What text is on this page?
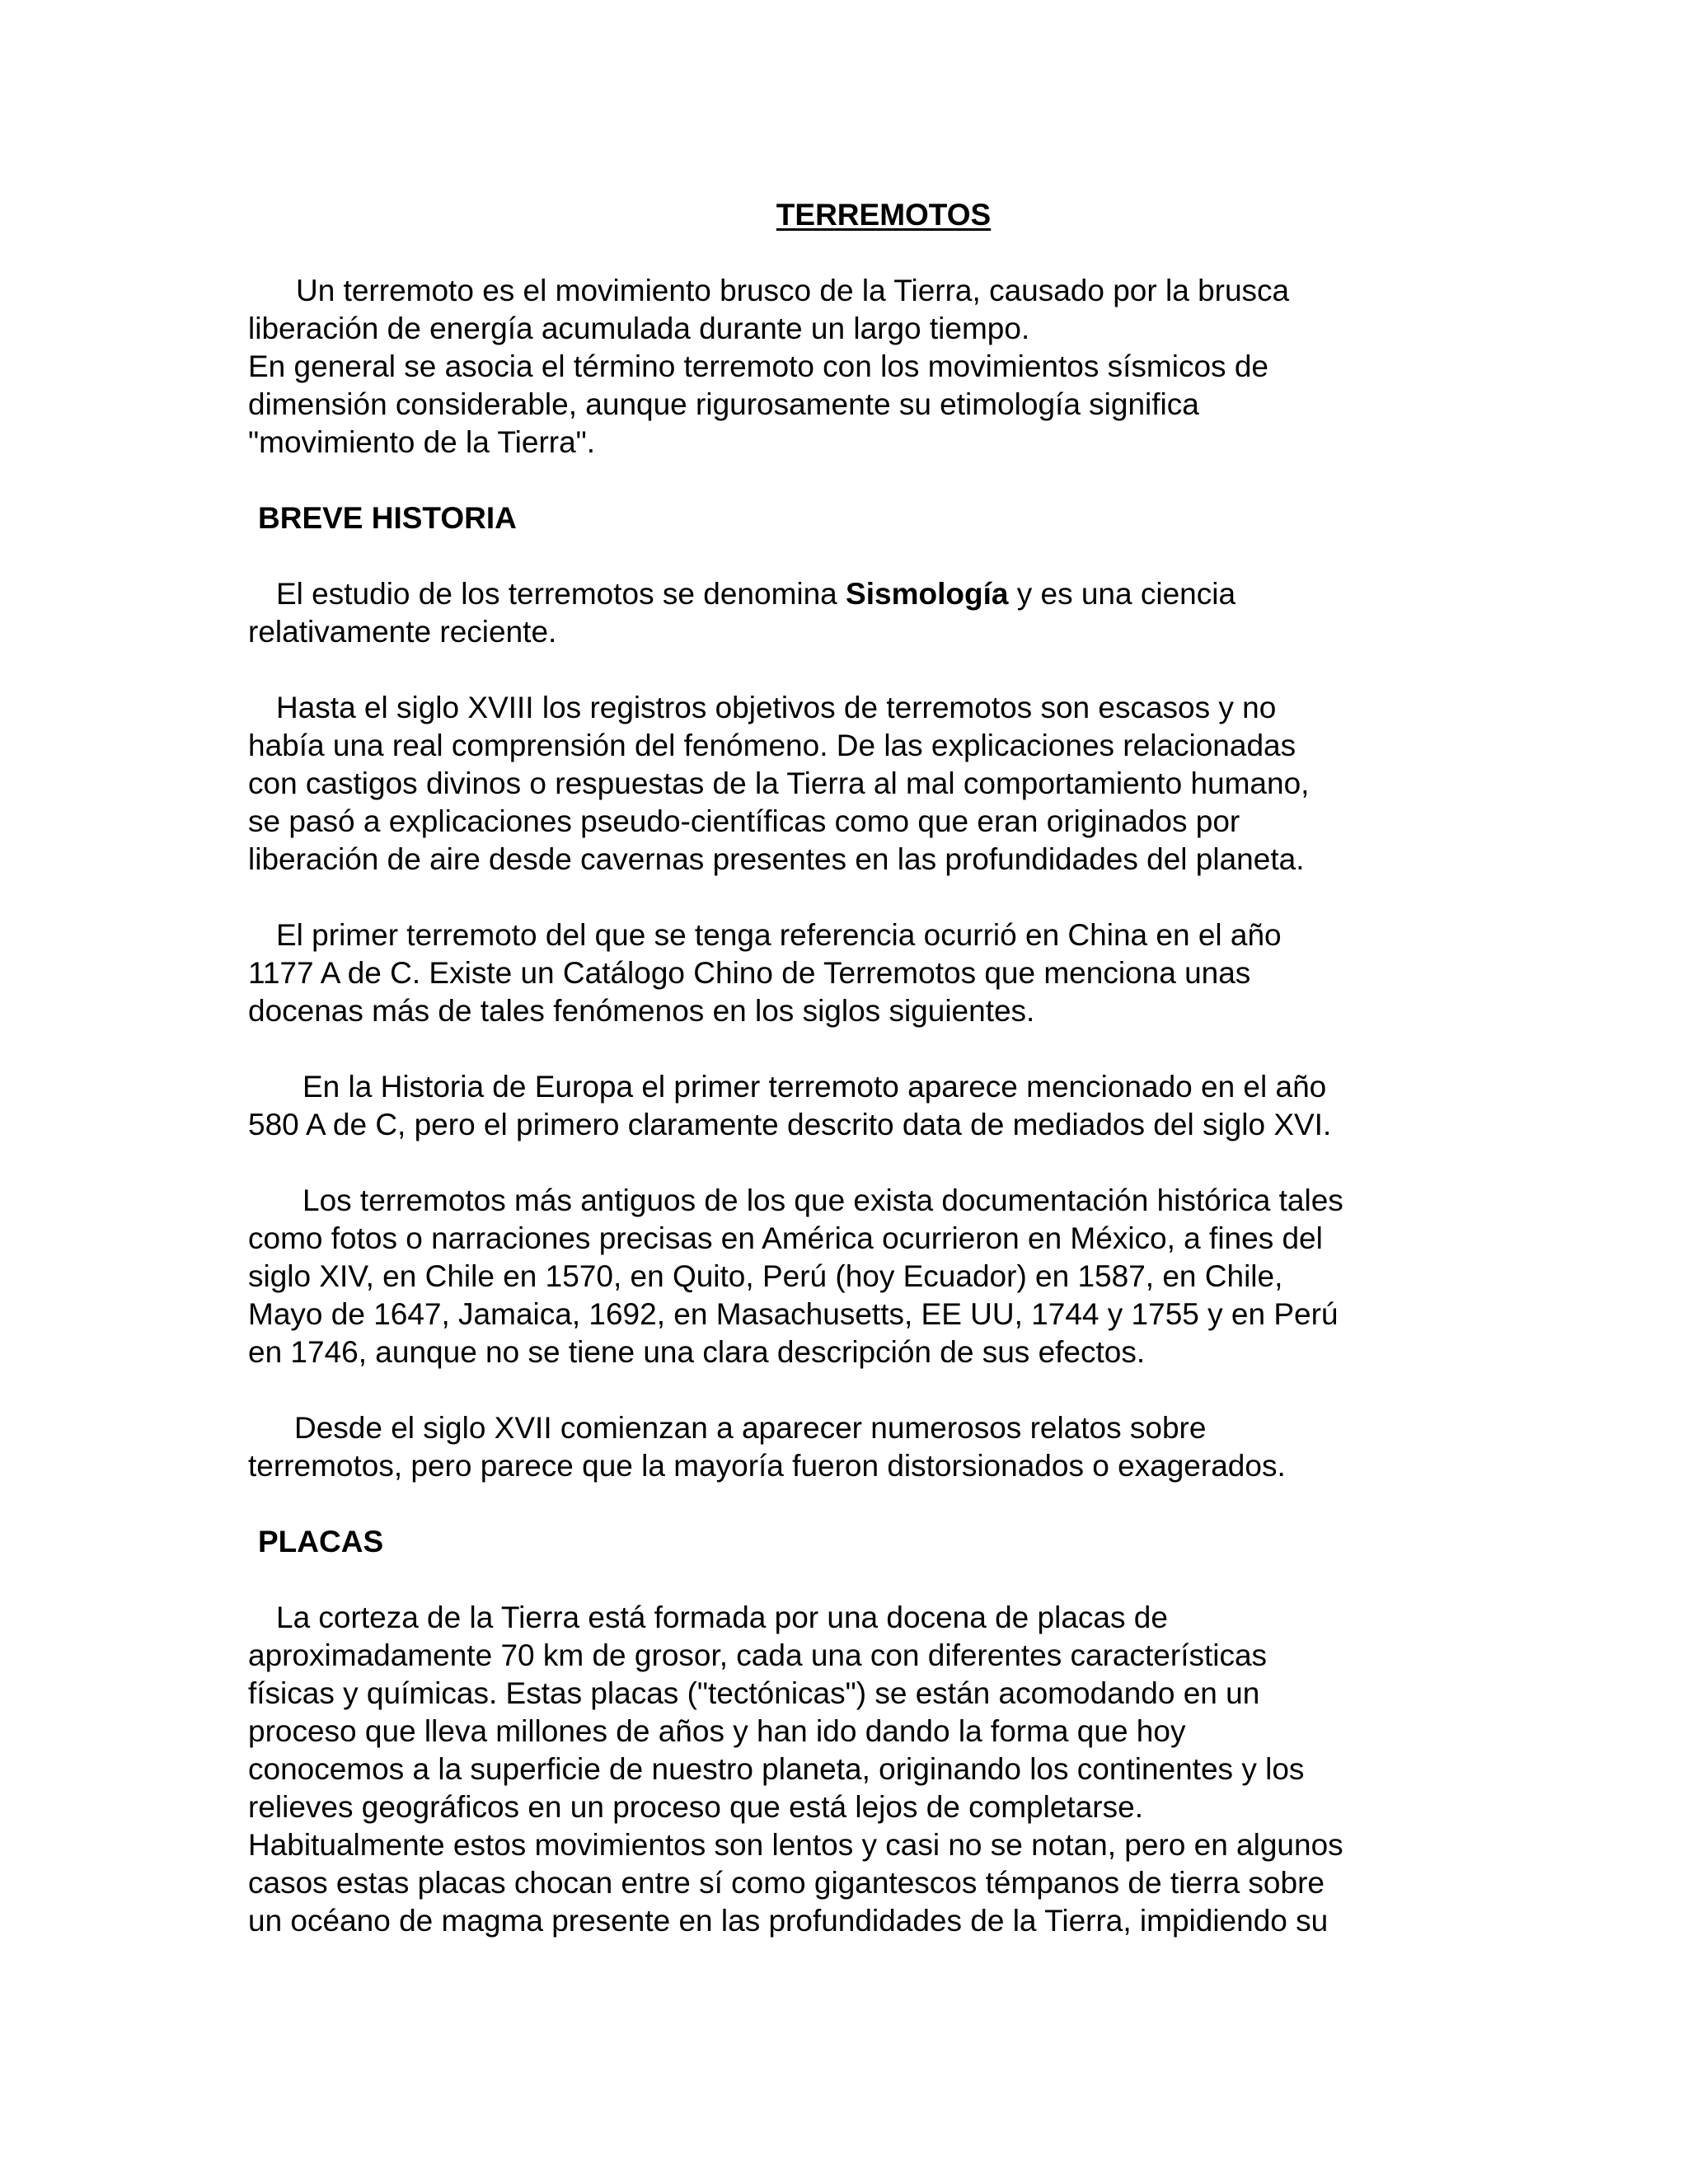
TERREMOTOS

Un terremoto es el movimiento brusco de la Tierra, causado por la brusca
liberación de energía acumulada durante un largo tiempo.
En general se asocia el término terremoto con los movimientos sísmicos de
dimensión considerable, aunque rigurosamente su etimología significa
"movimiento de la Tierra".

BREVE HISTORIA

El estudio de los terremotos se denomina Sismología y es una ciencia
relativamente reciente.

Hasta el siglo XVIII los registros objetivos de terremotos son escasos y no
había una real comprensión del fenómeno. De las explicaciones relacionadas
con castigos divinos o respuestas de la Tierra al mal comportamiento humano,
se pasó a explicaciones pseudo-científicas como que eran originados por
liberación de aire desde cavernas presentes en las profundidades del planeta.

El primer terremoto del que se tenga referencia ocurrió en China en el año
1177 A de C. Existe un Catálogo Chino de Terremotos que menciona unas
docenas más de tales fenómenos en los siglos siguientes.

En la Historia de Europa el primer terremoto aparece mencionado en el año
580 A de C, pero el primero claramente descrito data de mediados del siglo XVI.

Los terremotos más antiguos de los que exista documentación histórica tales
como fotos o narraciones precisas en América ocurrieron en México, a fines del
siglo XIV, en Chile en 1570, en Quito, Perú (hoy Ecuador) en 1587, en Chile,
Mayo de 1647, Jamaica, 1692, en Masachusetts, EE UU, 1744 y 1755 y en Perú
en 1746, aunque no se tiene una clara descripción de sus efectos.

Desde el siglo XVII comienzan a aparecer numerosos relatos sobre
terremotos, pero parece que la mayoría fueron distorsionados o exagerados.

PLACAS

La corteza de la Tierra está formada por una docena de placas de
aproximadamente 70 km de grosor, cada una con diferentes características
físicas y químicas. Estas placas ("tectónicas") se están acomodando en un
proceso que lleva millones de años y han ido dando la forma que hoy
conocemos a la superficie de nuestro planeta, originando los continentes y los
relieves geográficos en un proceso que está lejos de completarse.
Habitualmente estos movimientos son lentos y casi no se notan, pero en algunos
casos estas placas chocan entre sí como gigantescos témpanos de tierra sobre
un océano de magma presente en las profundidades de la Tierra, impidiendo su
